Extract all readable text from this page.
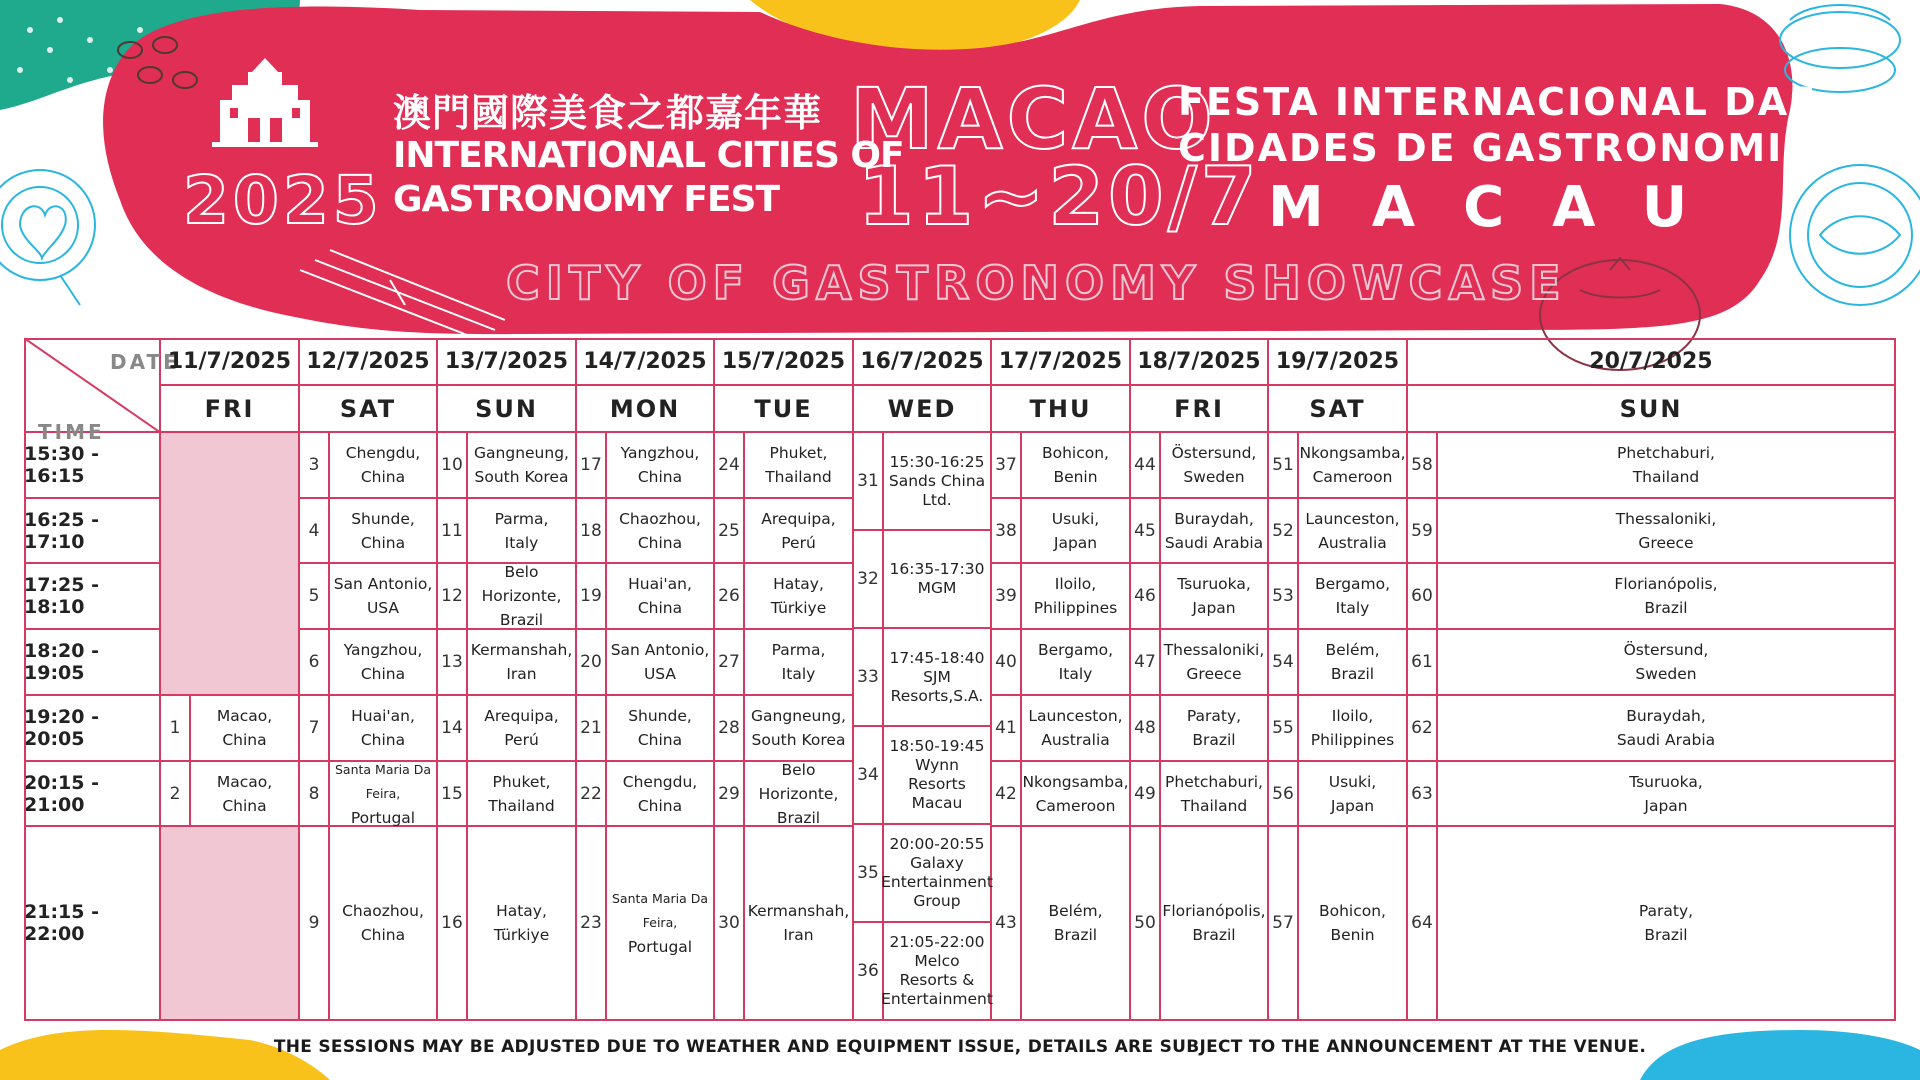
澳門國際美食之都嘉年華
INTERNATIONAL CITIES OF
GASTRONOMY FEST
2025
MACAO
11~20/7
FESTA INTERNACIONAL DAS
CIDADES DE GASTRONOMIA
MACAU
CITY OF GASTRONOMY SHOWCASE
DATE
TIME
11/7/2025
FRI
12/7/2025
SAT
13/7/2025
SUN
14/7/2025
MON
15/7/2025
TUE
16/7/2025
WED
17/7/2025
THU
18/7/2025
FRI
19/7/2025
SAT
20/7/2025
SUN
15:30 - 16:15
16:25 - 17:10
17:25 - 18:10
18:20 - 19:05
19:20 - 20:05
20:15 - 21:00
21:15 - 22:00
1
Macao,
China
2
Macao,
China
3
Chengdu,
China
4
Shunde,
China
5
San Antonio,
USA
6
Yangzhou,
China
7
Huai'an,
China
8
Santa Maria Da Feira,
Portugal
9
Chaozhou,
China
10
Gangneung,
South Korea
11
Parma,
Italy
12
Belo Horizonte,
Brazil
13
Kermanshah,
Iran
14
Arequipa,
Perú
15
Phuket,
Thailand
16
Hatay,
Türkiye
17
Yangzhou,
China
18
Chaozhou,
China
19
Huai'an,
China
20
San Antonio,
USA
21
Shunde,
China
22
Chengdu,
China
23
Santa Maria Da Feira,
Portugal
24
Phuket,
Thailand
25
Arequipa,
Perú
26
Hatay,
Türkiye
27
Parma,
Italy
28
Gangneung,
South Korea
29
Belo Horizonte,
Brazil
30
Kermanshah,
Iran
37
Bohicon,
Benin
38
Usuki,
Japan
39
Iloilo,
Philippines
40
Bergamo,
Italy
41
Launceston,
Australia
42
Nkongsamba,
Cameroon
43
Belém,
Brazil
44
Östersund,
Sweden
45
Buraydah,
Saudi Arabia
46
Tsuruoka,
Japan
47
Thessaloniki,
Greece
48
Paraty,
Brazil
49
Phetchaburi,
Thailand
50
Florianópolis,
Brazil
51
Nkongsamba,
Cameroon
52
Launceston,
Australia
53
Bergamo,
Italy
54
Belém,
Brazil
55
Iloilo,
Philippines
56
Usuki,
Japan
57
Bohicon,
Benin
58
Phetchaburi,
Thailand
59
Thessaloniki,
Greece
60
Florianópolis,
Brazil
61
Östersund,
Sweden
62
Buraydah,
Saudi Arabia
63
Tsuruoka,
Japan
64
Paraty,
Brazil
31
15:30-16:25
Sands China Ltd.
32 16:35-17:30
MGM
33
17:45-18:40
SJM Resorts,S.A.
34
18:50-19:45
Wynn Resorts
Macau
35
20:00-20:55
Galaxy
Entertainment
Group
36
21:05-22:00
Melco Resorts &
Entertainment
THE SESSIONS MAY BE ADJUSTED DUE TO WEATHER AND EQUIPMENT ISSUE, DETAILS ARE SUBJECT TO THE ANNOUNCEMENT AT THE VENUE.
